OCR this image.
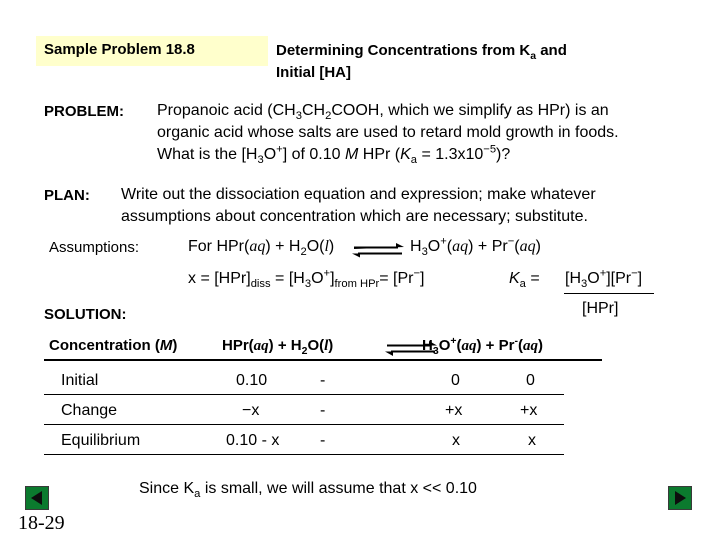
Sample Problem 18.8	Determining Concentrations from $K_a$ and
Initial [HA]
PROBLEM: Propanoic acid ($CH_3CH_2COOH$, which we simplify as HPr) is an
organic acid whose salts are used to retard mold growth in foods.
What is the $[H_3O^+]$ of 0.10 M HPr $(K_a = 1.3x10^{-5})$?
PLAN: Write out the dissociation equation and expression; make whatever
assumptions about concentration which are necessary; substitute.
Assumptions:	For $HPr(aq) + H_2O(l)$ ⇌ $H_3O^+(aq) + Pr^-(aq)$
$x = [HPr]_{diss} = [H_3O^+]_{from HPr}= [Pr^-]$	$K_a = [H_3O^+][Pr^-]$
[HPr]
SOLUTION:
Concentration (M)	$HPr(aq) + H_2O(l)$	$H_3O^+(aq) + Pr^-(aq)$
Initial	0.10	-	0	0
Change	−x	-	+x	+x
Equilibrium	0.10 - x	-	x	x
Since $K_a$ is small, we will assume that x << 0.10
18-29
